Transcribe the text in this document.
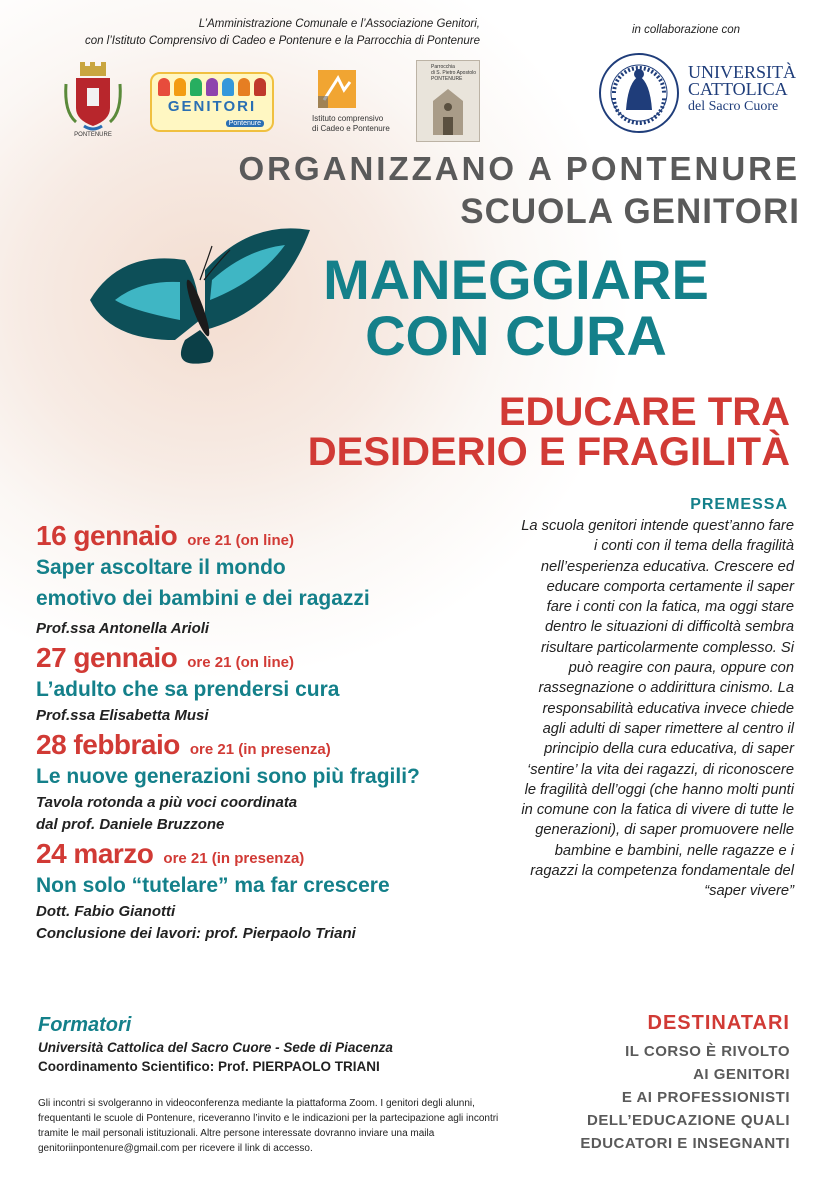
L’Amministrazione Comunale e l’Associazione Genitori,
con l’Istituto Comprensivo di Cadeo e Pontenure e la Parrocchia di Pontenure
in collaborazione con
PONTENURE
GENITORI
Pontenure
Istituto comprensivo
di Cadeo e Pontenure
Parrocchia
di S. Pietro Apostolo
PONTENURE	UNIVERSITÀ
CATTOLICA
del Sacro Cuore
ORGANIZZANO A PONTENURE
SCUOLA GENITORI
MANEGGIARE
CON CURA
EDUCARE TRA
DESIDERIO E FRAGILITÀ
16 gennaio ore 21 (on line)
Saper ascoltare il mondo
emotivo dei bambini e dei ragazzi
Prof.ssa Antonella Arioli
27 gennaio ore 21 (on line)
L’adulto che sa prendersi cura
Prof.ssa Elisabetta Musi
28 febbraio ore 21 (in presenza)
Le nuove generazioni sono più fragili?
Tavola rotonda a più voci coordinata
dal prof. Daniele Bruzzone
24 marzo ore 21 (in presenza)
Non solo “tutelare” ma far crescere
Dott. Fabio Gianotti
Conclusione dei lavori: prof. Pierpaolo Triani
PREMESSA
La scuola genitori intende quest’anno fare i conti con il tema della fragilità nell’esperienza educativa. Crescere ed educare comporta certamente il saper fare i conti con la fatica, ma oggi stare dentro le situazioni di difficoltà sembra risultare particolarmente complesso. Si può reagire con paura, oppure con rassegnazione o addirittura cinismo. La responsabilità educativa invece chiede agli adulti di saper rimettere al centro il principio della cura educativa, di saper ‘sentire’ la vita dei ragazzi, di riconoscere le fragilità dell’oggi (che hanno molti punti in comune con la fatica di vivere di tutte le generazioni), di saper promuovere nelle bambine e bambini, nelle ragazze e i ragazzi la competenza fondamentale del “saper vivere”
Formatori
Università Cattolica del Sacro Cuore - Sede di Piacenza
Coordinamento Scientifico: Prof. PIERPAOLO TRIANI
Gli incontri si svolgeranno in videoconferenza mediante la piattaforma Zoom. I genitori degli alunni, frequentanti le scuole di Pontenure, riceveranno l’invito e le indicazioni per la partecipazione agli incontri tramite le mail personali istituzionali. Altre persone interessate dovranno inviare una maila genitoriinpontenure@gmail.com per ricevere il link di accesso.
DESTINATARI
IL CORSO È RIVOLTO
AI GENITORI
E AI PROFESSIONISTI
DELL’EDUCAZIONE QUALI
EDUCATORI E INSEGNANTI
